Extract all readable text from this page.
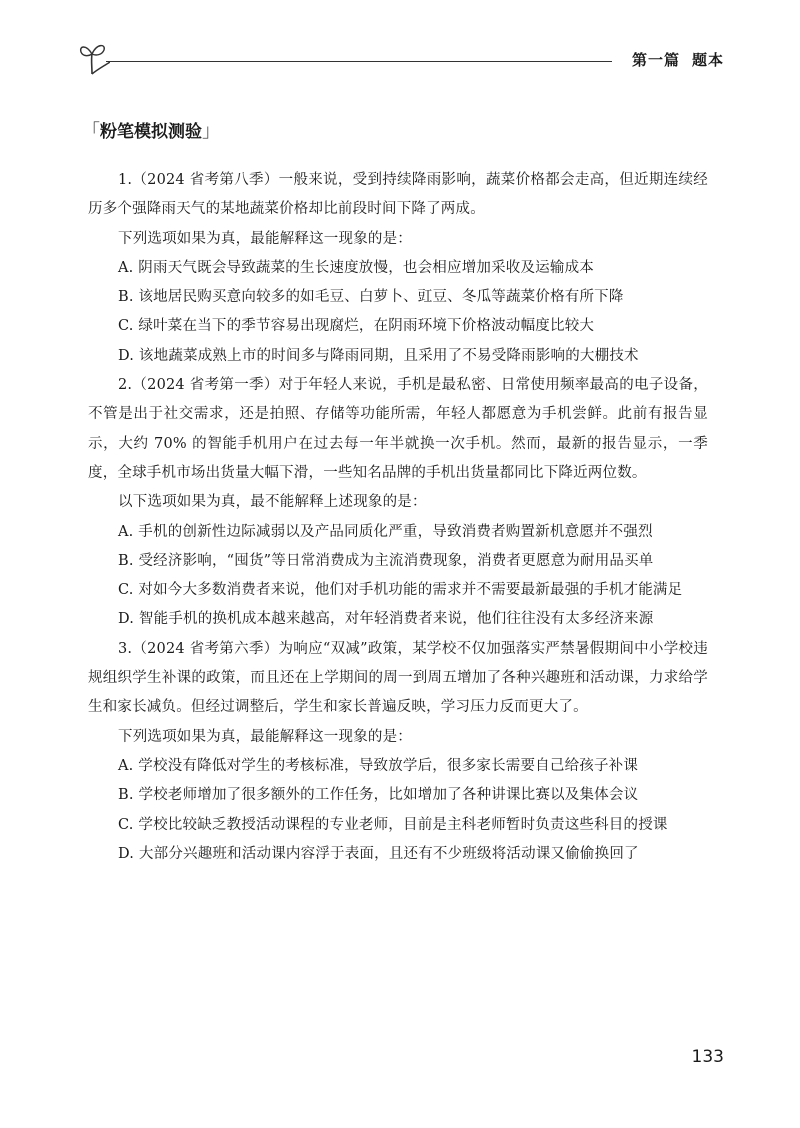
第一篇 题本
「粉笔模拟测验」

1.（2024 省考第八季）一般来说，受到持续降雨影响，蔬菜价格都会走高，但近期连续经历多个强降雨天气的某地蔬菜价格却比前段时间下降了两成。

下列选项如果为真，最能解释这一现象的是：

A. 阴雨天气既会导致蔬菜的生长速度放慢，也会相应增加采收及运输成本

B. 该地居民购买意向较多的如毛豆、白萝卜、豇豆、冬瓜等蔬菜价格有所下降

C. 绿叶菜在当下的季节容易出现腐烂，在阴雨环境下价格波动幅度比较大

D. 该地蔬菜成熟上市的时间多与降雨同期，且采用了不易受降雨影响的大棚技术

2.（2024 省考第一季）对于年轻人来说，手机是最私密、日常使用频率最高的电子设备，不管是出于社交需求，还是拍照、存储等功能所需，年轻人都愿意为手机尝鲜。此前有报告显示，大约 70% 的智能手机用户在过去每一年半就换一次手机。然而，最新的报告显示，一季度，全球手机市场出货量大幅下滑，一些知名品牌的手机出货量都同比下降近两位数。

以下选项如果为真，最不能解释上述现象的是：

A. 手机的创新性边际减弱以及产品同质化严重，导致消费者购置新机意愿并不强烈

B. 受经济影响，“囤货”等日常消费成为主流消费现象，消费者更愿意为耐用品买单

C. 对如今大多数消费者来说，他们对手机功能的需求并不需要最新最强的手机才能满足

D. 智能手机的换机成本越来越高，对年轻消费者来说，他们往往没有太多经济来源

3.（2024 省考第六季）为响应“双减”政策，某学校不仅加强落实严禁暑假期间中小学校违规组织学生补课的政策，而且还在上学期间的周一到周五增加了各种兴趣班和活动课，力求给学生和家长减负。但经过调整后，学生和家长普遍反映，学习压力反而更大了。

下列选项如果为真，最能解释这一现象的是：

A. 学校没有降低对学生的考核标准，导致放学后，很多家长需要自己给孩子补课

B. 学校老师增加了很多额外的工作任务，比如增加了各种讲课比赛以及集体会议

C. 学校比较缺乏教授活动课程的专业老师，目前是主科老师暂时负责这些科目的授课

D. 大部分兴趣班和活动课内容浮于表面，且还有不少班级将活动课又偷偷换回了

133
